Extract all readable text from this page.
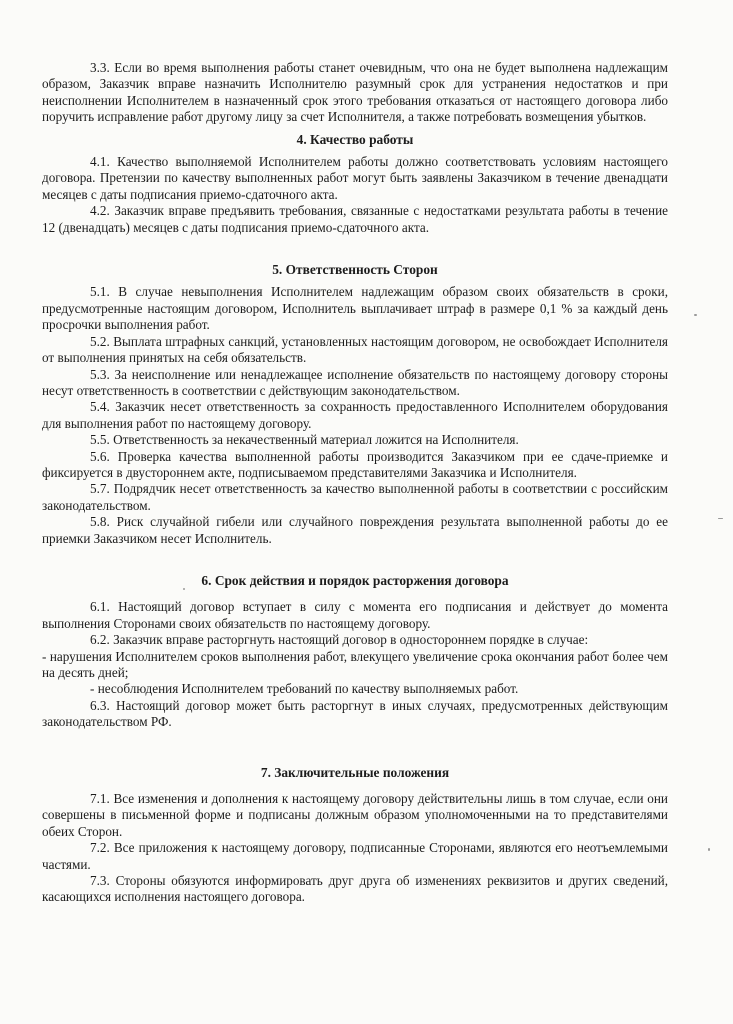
3.3. Если во время выполнения работы станет очевидным, что она не будет выполнена надлежащим образом, Заказчик вправе назначить Исполнителю разумный срок для устранения недостатков и при неисполнении Исполнителем в назначенный срок этого требования отказаться от настоящего договора либо поручить исправление работ другому лицу за счет Исполнителя, а также потребовать возмещения убытков.

4. Качество работы

4.1. Качество выполняемой Исполнителем работы должно соответствовать условиям настоящего договора. Претензии по качеству выполненных работ могут быть заявлены Заказчиком в течение двенадцати месяцев с даты подписания приемо-сдаточного акта.

4.2. Заказчик вправе предъявить требования, связанные с недостатками результата работы в течение 12 (двенадцать) месяцев с даты подписания приемо-сдаточного акта.

5. Ответственность Сторон

5.1. В случае невыполнения Исполнителем надлежащим образом своих обязательств в сроки, предусмотренные настоящим договором, Исполнитель выплачивает штраф в размере 0,1 % за каждый день просрочки выполнения работ.

5.2. Выплата штрафных санкций, установленных настоящим договором, не освобождает Исполнителя от выполнения принятых на себя обязательств.

5.3. За неисполнение или ненадлежащее исполнение обязательств по настоящему договору стороны несут ответственность в соответствии с действующим законодательством.

5.4. Заказчик несет ответственность за сохранность предоставленного Исполнителем оборудования для выполнения работ по настоящему договору.

5.5. Ответственность за некачественный материал ложится на Исполнителя.

5.6. Проверка качества выполненной работы производится Заказчиком при ее сдаче-приемке и фиксируется в двустороннем акте, подписываемом представителями Заказчика и Исполнителя.

5.7. Подрядчик несет ответственность за качество выполненной работы в соответствии с российским законодательством.

5.8. Риск случайной гибели или случайного повреждения результата выполненной работы до ее приемки Заказчиком несет Исполнитель.

6. Срок действия и порядок расторжения договора

6.1. Настоящий договор вступает в силу с момента его подписания и действует до момента выполнения Сторонами своих обязательств по настоящему договору.

6.2. Заказчик вправе расторгнуть настоящий договор в одностороннем порядке в случае:

- нарушения Исполнителем сроков выполнения работ, влекущего увеличение срока окончания работ более чем на десять дней;

- несоблюдения Исполнителем требований по качеству выполняемых работ.

6.3. Настоящий договор может быть расторгнут в иных случаях, предусмотренных действующим законодательством РФ.

7. Заключительные положения

7.1. Все изменения и дополнения к настоящему договору действительны лишь в том случае, если они совершены в письменной форме и подписаны должным образом уполномоченными на то представителями обеих Сторон.

7.2. Все приложения к настоящему договору, подписанные Сторонами, являются его неотъемлемыми частями.

7.3. Стороны обязуются информировать друг друга об изменениях реквизитов и других сведений, касающихся исполнения настоящего договора.
